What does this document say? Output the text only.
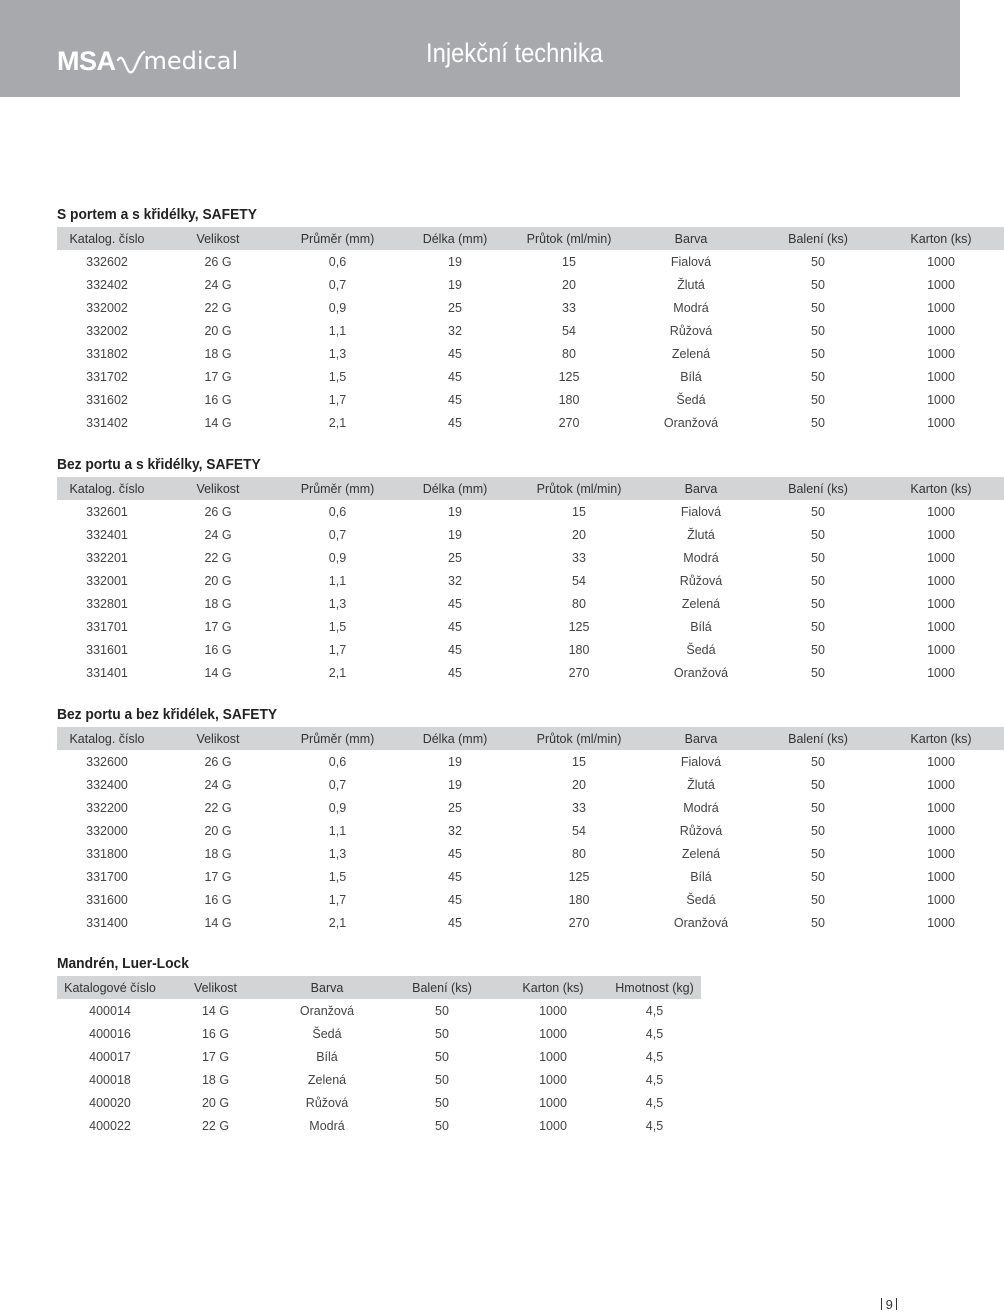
MSA medical	Injekční technika
S portem a s křidélky, SAFETY
Katalog. číslo	Velikost	Průměr (mm)	Délka (mm)	Průtok (ml/min)	Barva	Balení (ks)	Karton (ks)
332602	26 G	0,6	19	15	Fialová	50	1000
332402	24 G	0,7	19	20	Žlutá	50	1000
332002	22 G	0,9	25	33	Modrá	50	1000
332002	20 G	1,1	32	54	Růžová	50	1000
331802	18 G	1,3	45	80	Zelená	50	1000
331702	17 G	1,5	45	125	Bílá	50	1000
331602	16 G	1,7	45	180	Šedá	50	1000
331402	14 G	2,1	45	270	Oranžová	50	1000
Bez portu a s křidélky, SAFETY
Katalog. číslo	Velikost	Průměr (mm)	Délka (mm)	Průtok (ml/min)	Barva	Balení (ks)	Karton (ks)
332601	26 G	0,6	19	15	Fialová	50	1000
332401	24 G	0,7	19	20	Žlutá	50	1000
332201	22 G	0,9	25	33	Modrá	50	1000
332001	20 G	1,1	32	54	Růžová	50	1000
332801	18 G	1,3	45	80	Zelená	50	1000
331701	17 G	1,5	45	125	Bílá	50	1000
331601	16 G	1,7	45	180	Šedá	50	1000
331401	14 G	2,1	45	270	Oranžová	50	1000
Bez portu a bez křidélek, SAFETY
Katalog. číslo	Velikost	Průměr (mm)	Délka (mm)	Průtok (ml/min)	Barva	Balení (ks)	Karton (ks)
332600	26 G	0,6	19	15	Fialová	50	1000
332400	24 G	0,7	19	20	Žlutá	50	1000
332200	22 G	0,9	25	33	Modrá	50	1000
332000	20 G	1,1	32	54	Růžová	50	1000
331800	18 G	1,3	45	80	Zelená	50	1000
331700	17 G	1,5	45	125	Bílá	50	1000
331600	16 G	1,7	45	180	Šedá	50	1000
331400	14 G	2,1	45	270	Oranžová	50	1000
Mandrén, Luer-Lock
Katalogové číslo	Velikost	Barva	Balení (ks)	Karton (ks)	Hmotnost (kg)
400014	14 G	Oranžová	50	1000	4,5
400016	16 G	Šedá	50	1000	4,5
400017	17 G	Bílá	50	1000	4,5
400018	18 G	Zelená	50	1000	4,5
400020	20 G	Růžová	50	1000	4,5
400022	22 G	Modrá	50	1000	4,5
9
